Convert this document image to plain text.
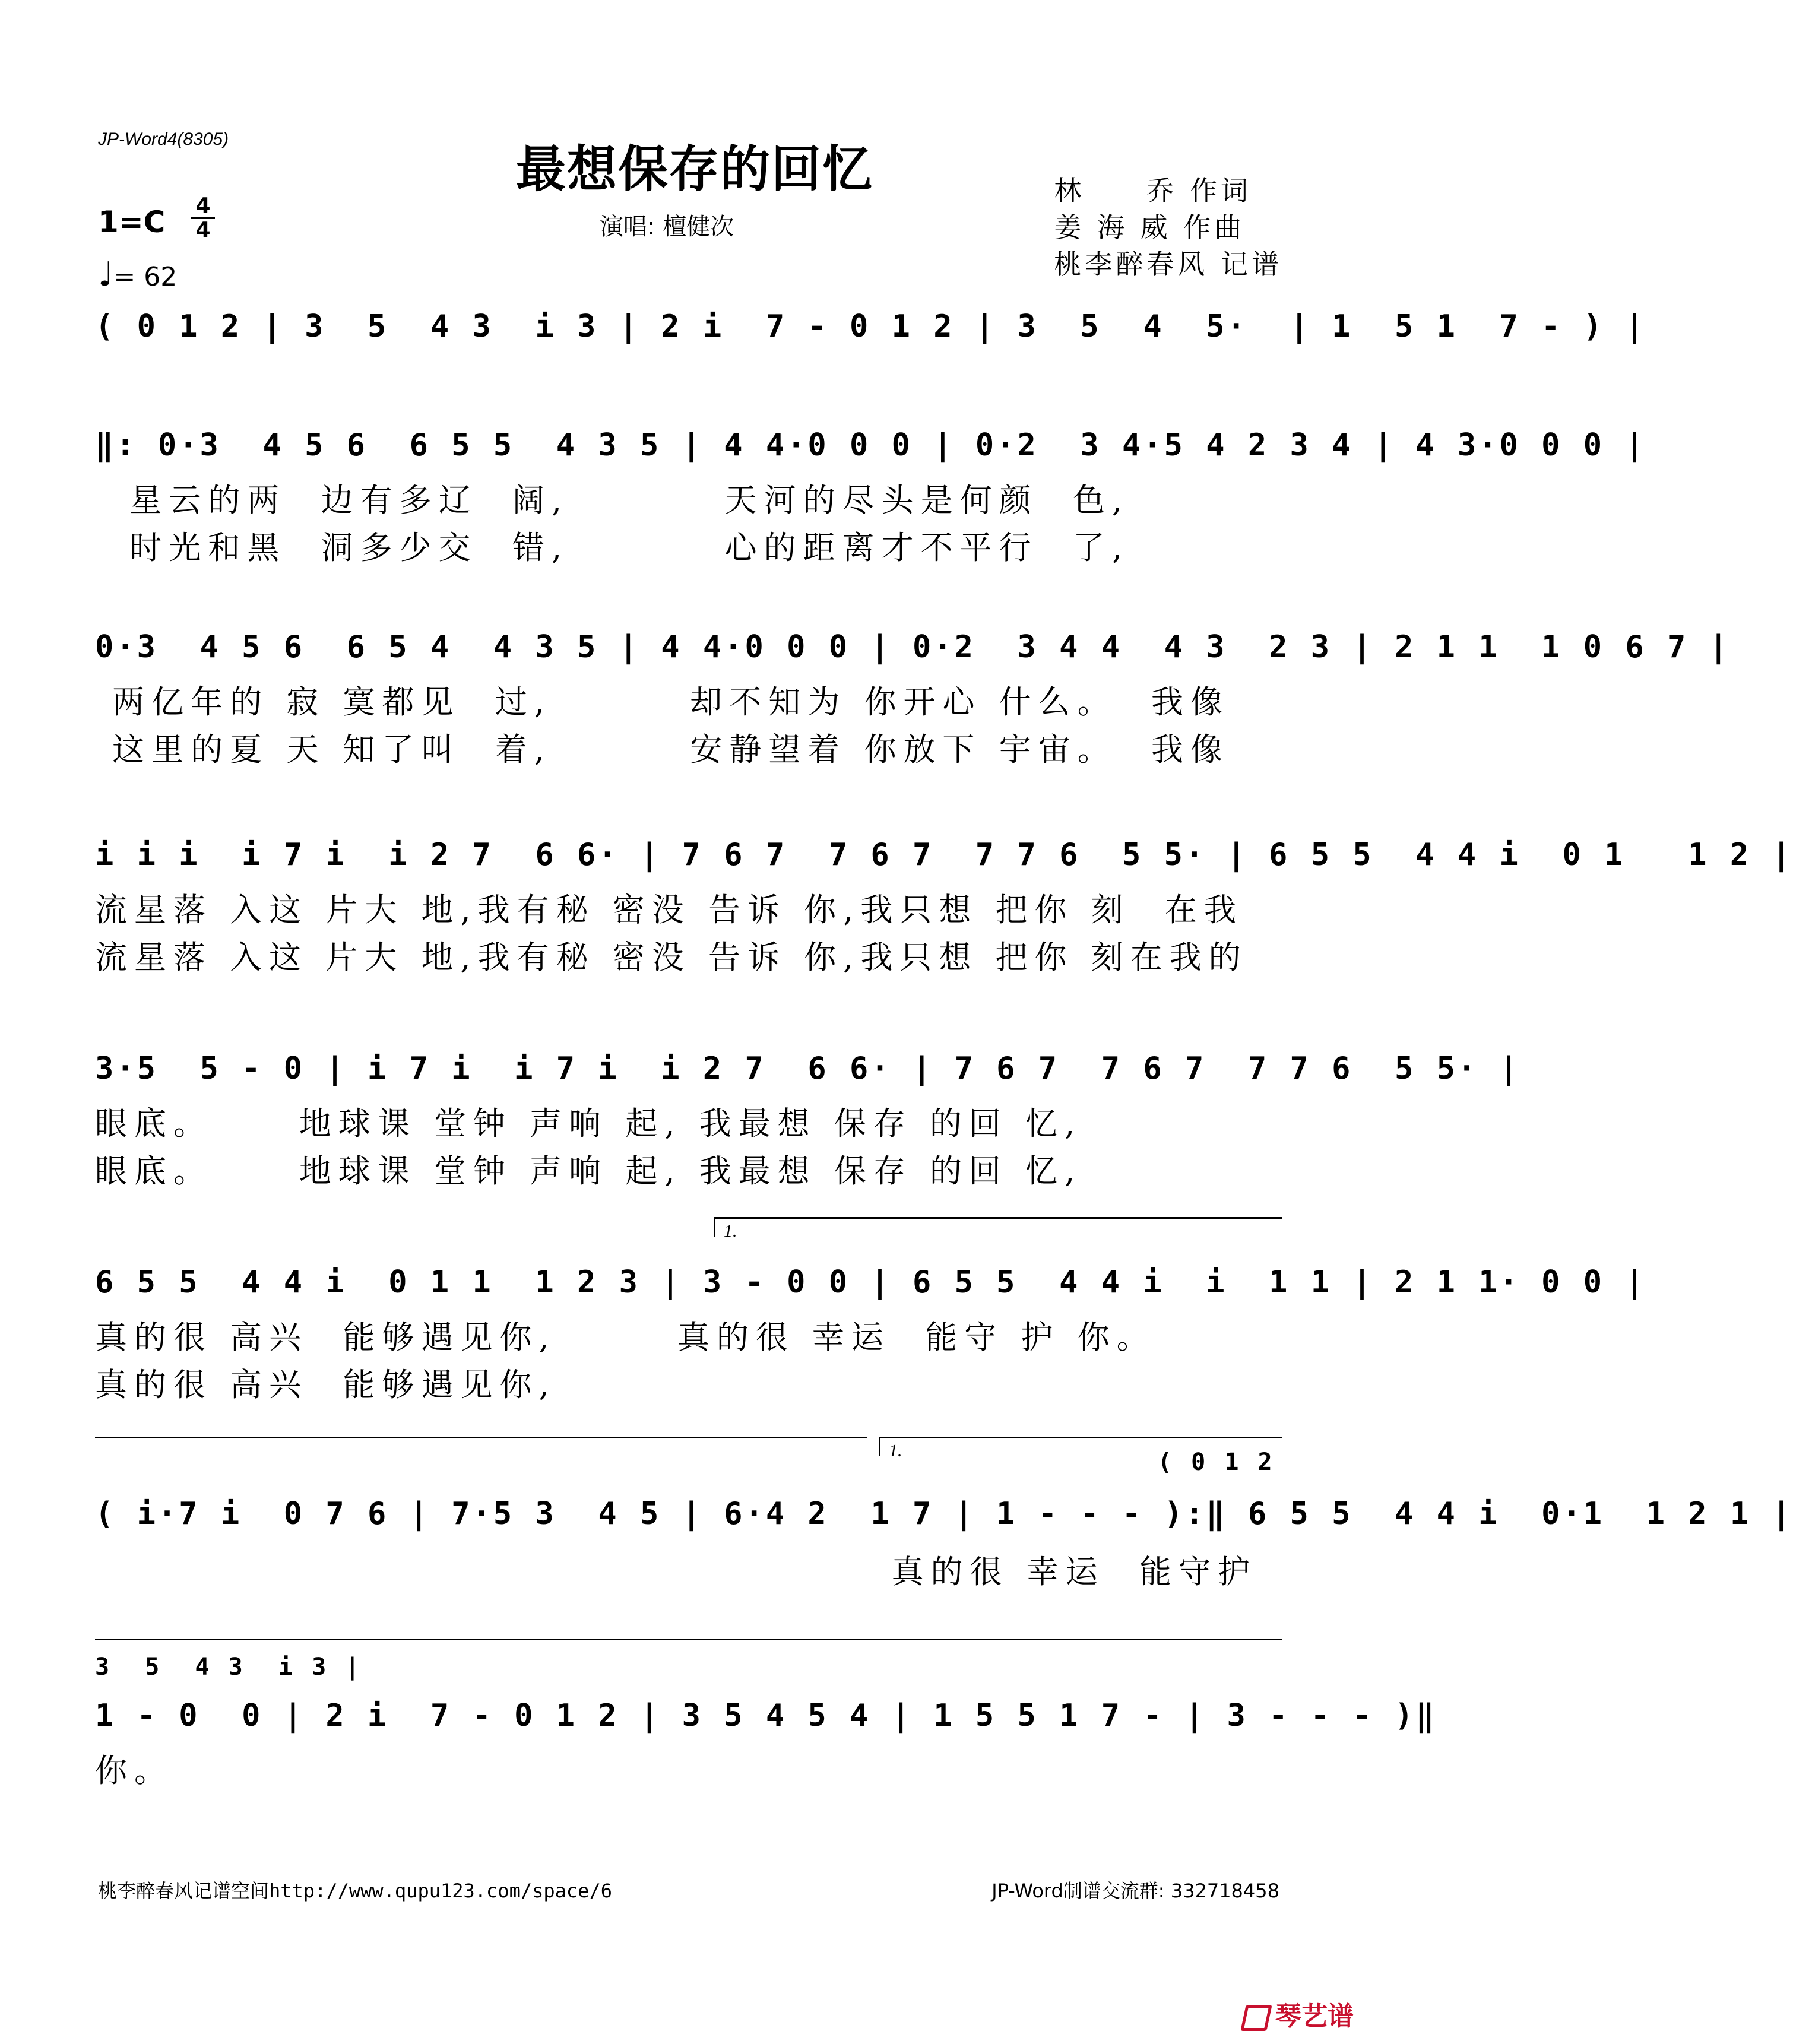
JP-Word4(8305)
最想保存的回忆
演唱: 檀健次
林　　乔 作词
姜 海 威 作曲
桃李醉春风 记谱
1=C 4
4
♩= 62
( 0 1 2 | 3  5  4 3  i 3 | 2 i  7 - 0 1 2 | 3  5  4  5·  | 1  5 1  7 - ) |
‖: 0·3  4 5 6  6 5 5  4 3 5 | 4 4·0 0 0 | 0·2  3 4·5 4 2 3 4 | 4 3·0 0 0 |
星云的两  边有多辽  阔,         天河的尽头是何颜  色,
时光和黑  洞多少交  错,         心的距离才不平行  了,
0·3  4 5 6  6 5 4  4 3 5 | 4 4·0 0 0 | 0·2  3 4 4  4 3  2 3 | 2 1 1  1 0 6 7 |
两亿年的 寂 寞都见  过,        却不知为 你开心 什么。  我像
这里的夏 天 知了叫  着,        安静望着 你放下 宇宙。  我像
i i i  i 7 i  i 2 7  6 6· | 7 6 7  7 6 7  7 7 6  5 5· | 6 5 5  4 4 i  0 1   1 2 |
流星落 入这 片大 地,我有秘 密没 告诉 你,我只想 把你 刻  在我
流星落 入这 片大 地,我有秘 密没 告诉 你,我只想 把你 刻在我的
3·5  5 - 0 | i 7 i  i 7 i  i 2 7  6 6· | 7 6 7  7 6 7  7 7 6  5 5· |
眼底。     地球课 堂钟 声响 起, 我最想 保存 的回 忆,
眼底。     地球课 堂钟 声响 起, 我最想 保存 的回 忆,
1.
6 5 5  4 4 i  0 1 1  1 2 3 | 3 - 0 0 | 6 5 5  4 4 i  i  1 1 | 2 1 1· 0 0 |
真的很 高兴  能够遇见你,       真的很 幸运  能守 护 你。
真的很 高兴  能够遇见你,
1.	( 0 1 2
( i·7 i  0 7 6 | 7·5 3  4 5 | 6·4 2  1 7 | 1 - - - ):‖ 6 5 5  4 4 i  0·1  1 2 1 |
真的很 幸运  能守护
3  5  4 3  i 3 |
1 - 0  0 | 2 i  7 - 0 1 2 | 3 5 4 5 4 | 1 5 5 1 7 - | 3 - - - )‖
你。
桃李醉春风记谱空间http://www.qupu123.com/space/6	JP-Word制谱交流群: 332718458
琴艺谱
